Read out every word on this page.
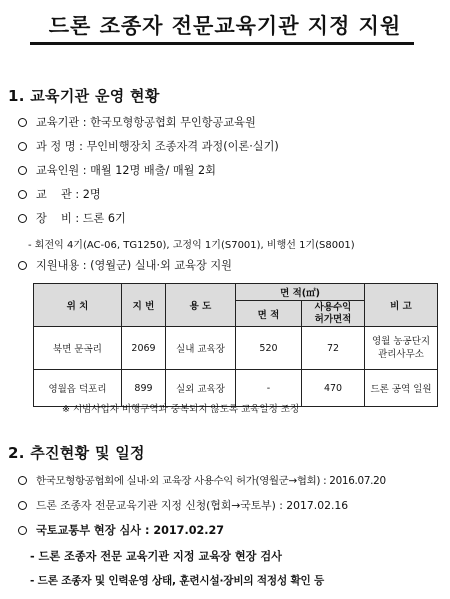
드론 조종자 전문교육기관 지정 지원
1. 교육기관 운영 현황
교육기관 : 한국모형항공협회 무인항공교육원
과 정 명 : 무인비행장치 조종자격 과정(이론·실기)
교육인원 : 매월 12명 배출/ 매월 2회
교    관 : 2명
장    비 : 드론 6기
- 회전익 4기(AC-06, TG1250), 고정익 1기(S7001), 비행선 1기(S8001)
지원내용 : (영월군) 실내·외 교육장 지원
위 치	지 번	용 도	면 적(㎡)		비 고
			면 적	사용수익
허가면적	
북면 문곡리	2069	실내 교육장	520	72	영월 농공단지
관리사무소
영월읍 덕포리	899	실외 교육장	-	470	드론 공역 일원
※ 시범사업자 비행구역과 중복되지 않도록 교육일정 조정
2. 추진현황 및 일정
한국모형항공협회에 실내·외 교육장 사용수익 허가(영월군→협회) : 2016.07.20
드론 조종자 전문교육기관 지정 신청(협회→국토부) : 2017.02.16
국토교통부 현장 심사 : 2017.02.27
- 드론 조종자 전문 교육기관 지정 교육장 현장 검사
- 드론 조종자 및 인력운영 상태, 훈련시설·장비의 적정성 확인 등
